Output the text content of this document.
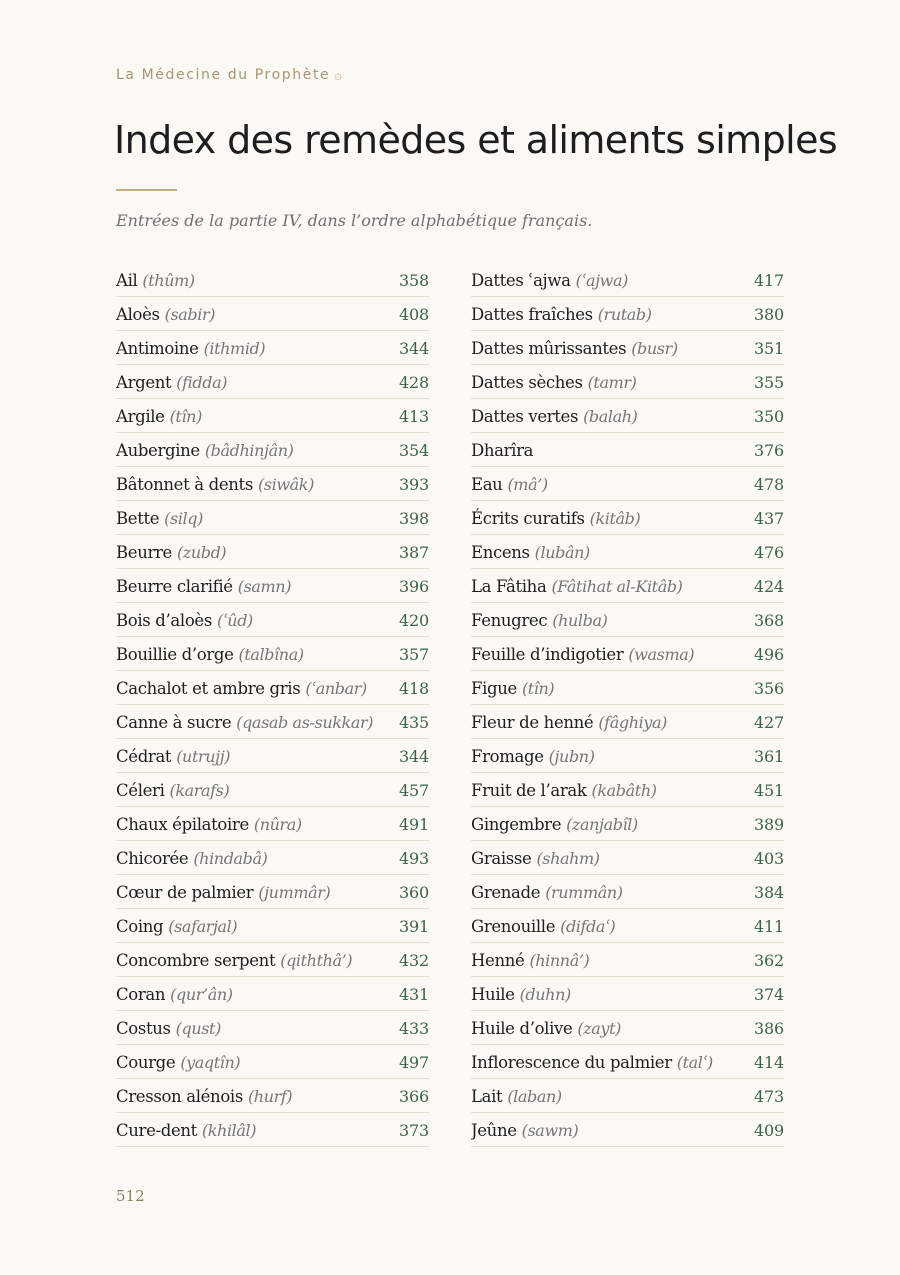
La Médecine du Prophète ۞
Index des remèdes et aliments simples
Entrées de la partie IV, dans l’ordre alphabétique français.
Ail (thûm)	358
Aloès (sabir)	408
Antimoine (ithmid)	344
Argent (fidda)	428
Argile (tîn)	413
Aubergine (bâdhinjân)	354
Bâtonnet à dents (siwâk)	393
Bette (silq)	398
Beurre (zubd)	387
Beurre clarifié (samn)	396
Bois d’aloès (ʿûd)	420
Bouillie d’orge (talbîna)	357
Cachalot et ambre gris (ʿanbar) 418
Canne à sucre (qasab as-sukkar) 435
Cédrat (utrujj)	344
Céleri (karafs)	457
Chaux épilatoire (nûra)	491
Chicorée (hindabâ)	493
Cœur de palmier (jummâr)	360
Coing (safarjal)	391
Concombre serpent (qiththâ’)	432
Coran (qur’ân)	431
Costus (qust)	433
Courge (yaqtîn)	497
Cresson alénois (hurf)	366
Cure-dent (khilâl)	373
Dattes ʿajwa (ʿajwa)	417
Dattes fraîches (rutab)	380
Dattes mûrissantes (busr)	351
Dattes sèches (tamr)	355
Dattes vertes (balah)	350
Dharîra	376
Eau (mâ’)	478
Écrits curatifs (kitâb)	437
Encens (lubân)	476
La Fâtiha (Fâtihat al-Kitâb)	424
Fenugrec (hulba)	368
Feuille d’indigotier (wasma)	496
Figue (tîn)	356
Fleur de henné (fâghiya)	427
Fromage (jubn)	361
Fruit de l’arak (kabâth)	451
Gingembre (zanjabîl)	389
Graisse (shahm)	403
Grenade (rummân)	384
Grenouille (difdaʿ)	411
Henné (hinnâ’)	362
Huile (duhn)	374
Huile d’olive (zayt)	386
Inflorescence du palmier (talʿ)	414
Lait (laban)	473
Jeûne (sawm)	409
512
